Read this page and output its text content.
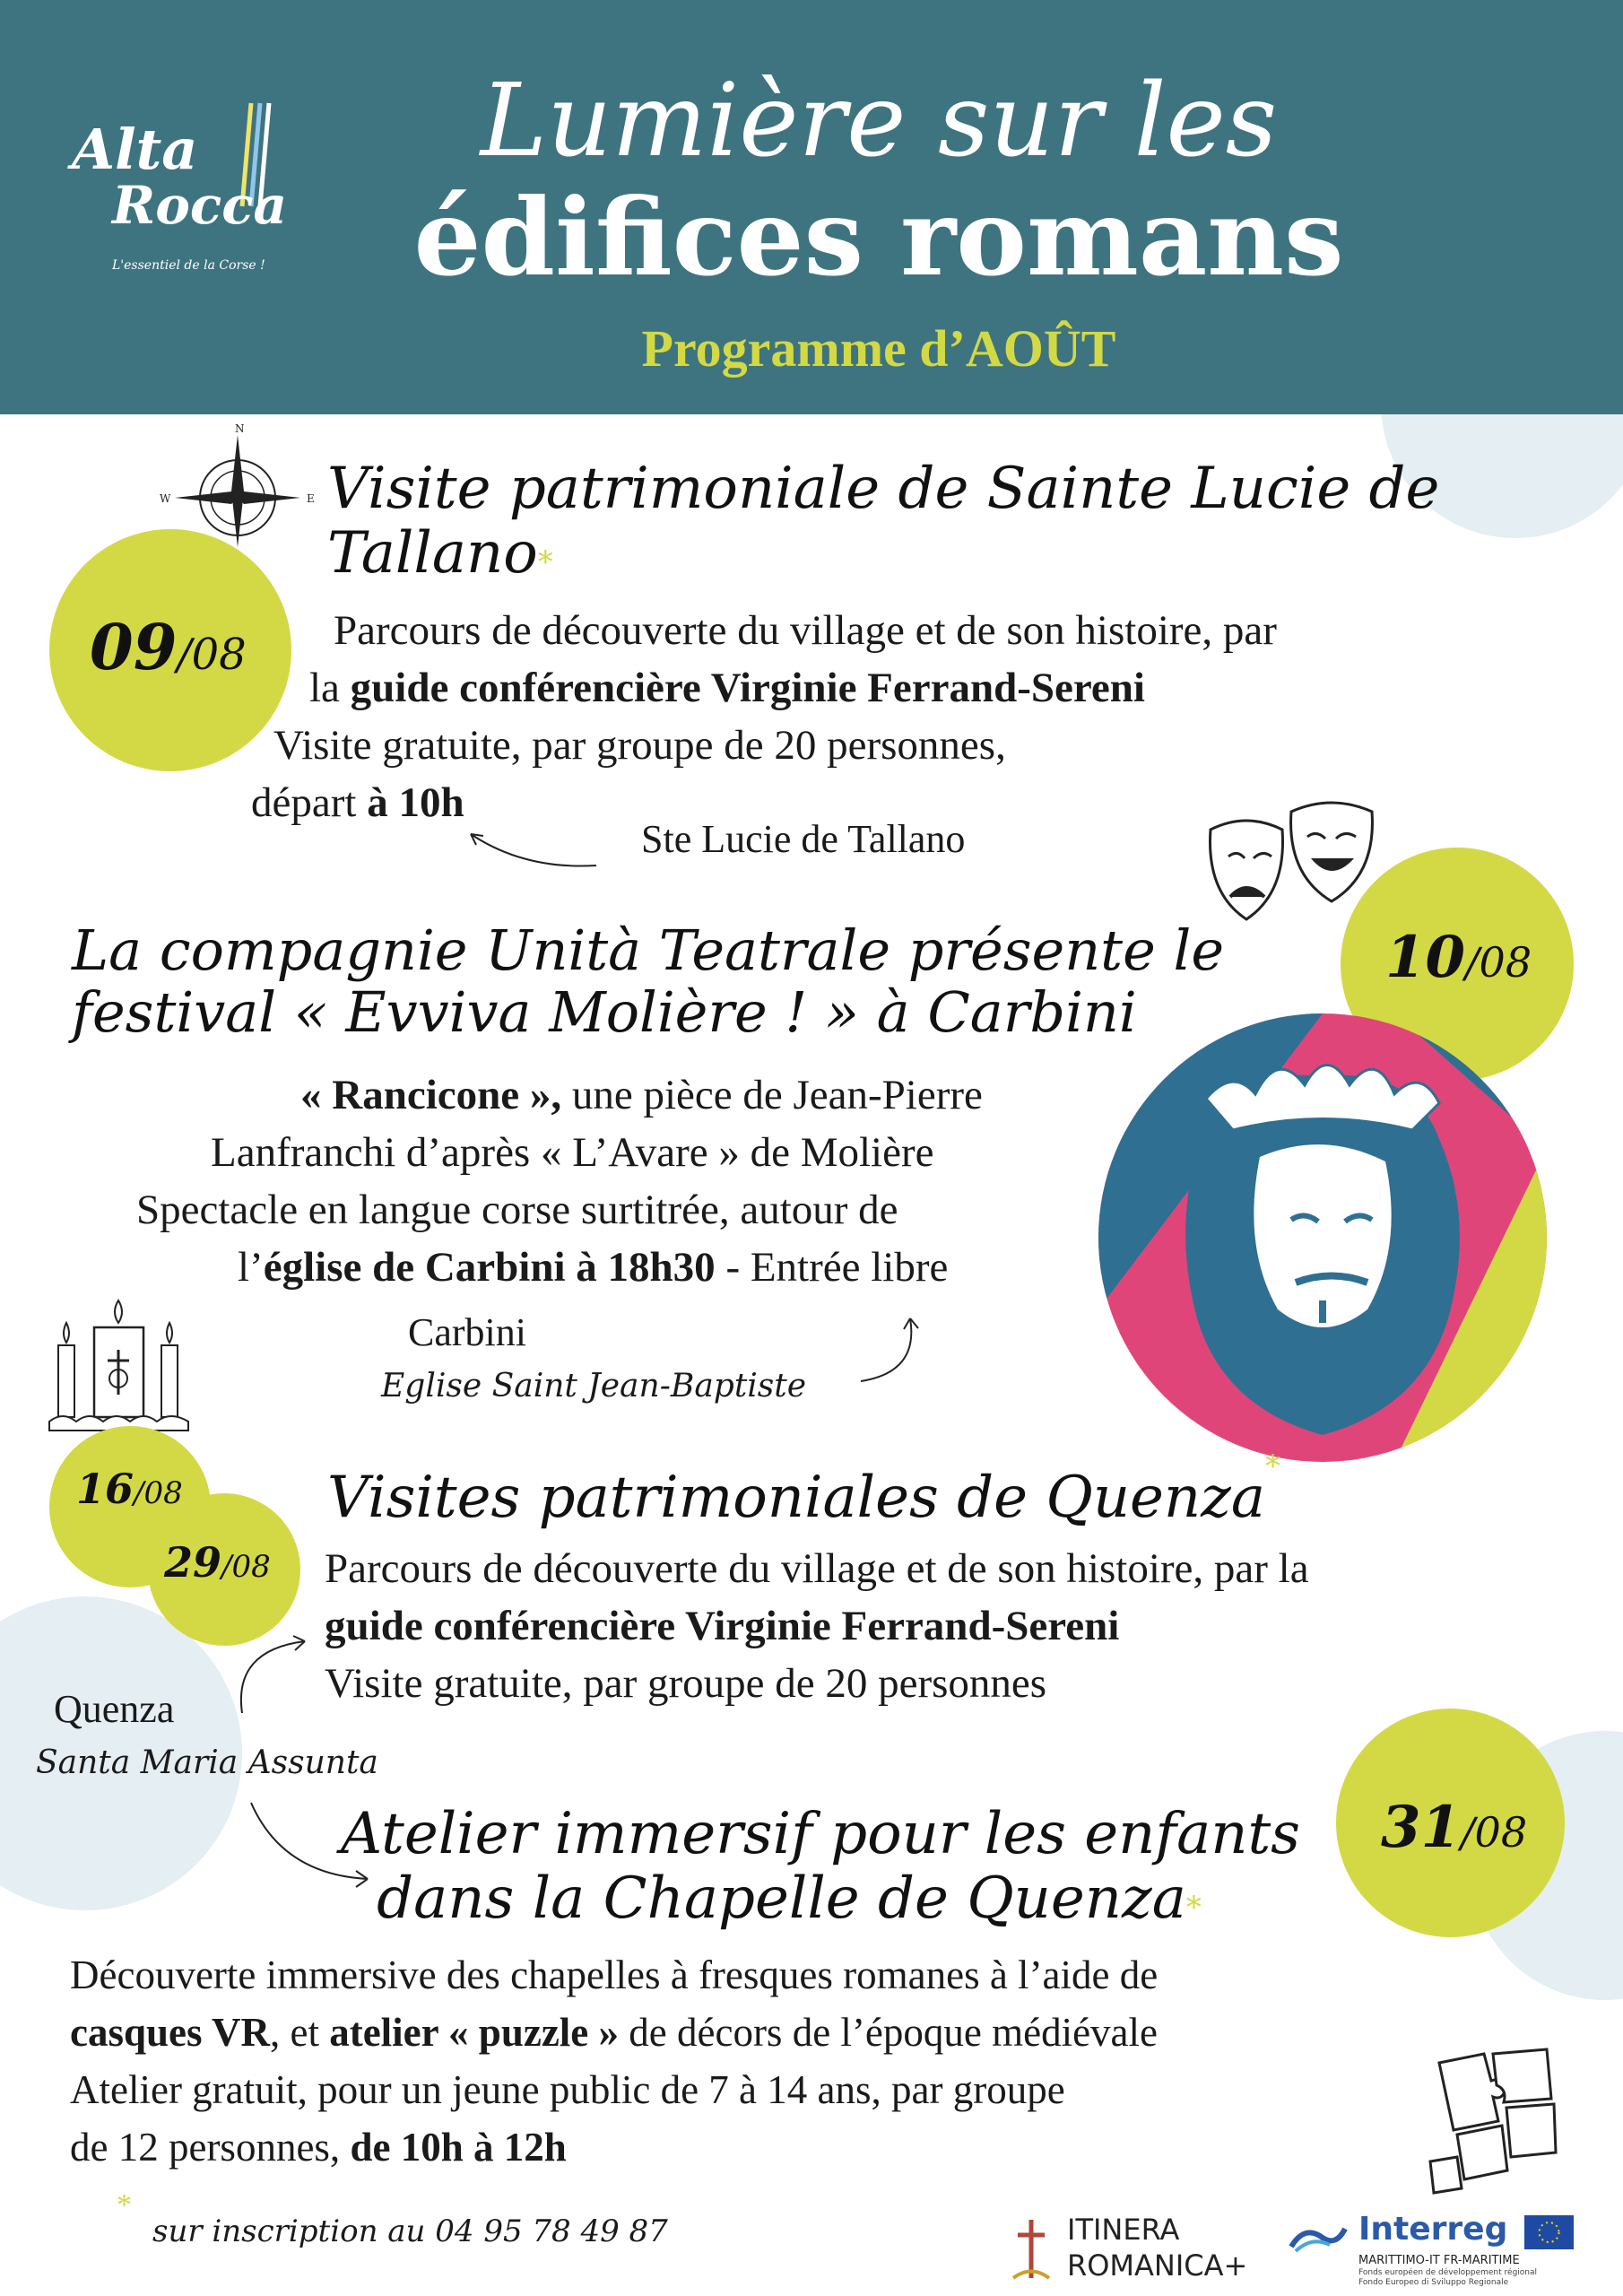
Alta
Rocca
L'essentiel de la Corse !
Lumière sur les
édifices romans
Programme d’AOÛT
N
W	E
09/08
Visite patrimoniale de Sainte Lucie de
Tallano*
Parcours de découverte du village et de son histoire, par
la guide conférencière Virginie Ferrand-Sereni
Visite gratuite, par groupe de 20 personnes,
départ à 10h
Ste Lucie de Tallano
10/08
La compagnie Unità Teatrale présente le
festival « Evviva Molière ! » à Carbini
« Rancicone », une pièce de Jean-Pierre
Lanfranchi d’après « L’Avare » de Molière
Spectacle en langue corse surtitrée, autour de
l’église de Carbini à 18h30 - Entrée libre
Carbini
Eglise Saint Jean-Baptiste
16/08
29/08
Visites patrimoniales de Quenza*
Parcours de découverte du village et de son histoire, par la
guide conférencière Virginie Ferrand-Sereni
Visite gratuite, par groupe de 20 personnes
Quenza
Santa Maria Assunta
31/08
Atelier immersif pour les enfants
dans la Chapelle de Quenza*
Découverte immersive des chapelles à fresques romanes à l’aide de
casques VR, et atelier « puzzle » de décors de l’époque médiévale
Atelier gratuit, pour un jeune public de 7 à 14 ans, par groupe
de 12 personnes, de 10h à 12h
*
sur inscription au 04 95 78 49 87	ITINERA
ROMANICA+
Interreg
MARITTIMO-IT FR-MARITIME
Fonds européen de développement régional
Fondo Europeo di Sviluppo Regionale
